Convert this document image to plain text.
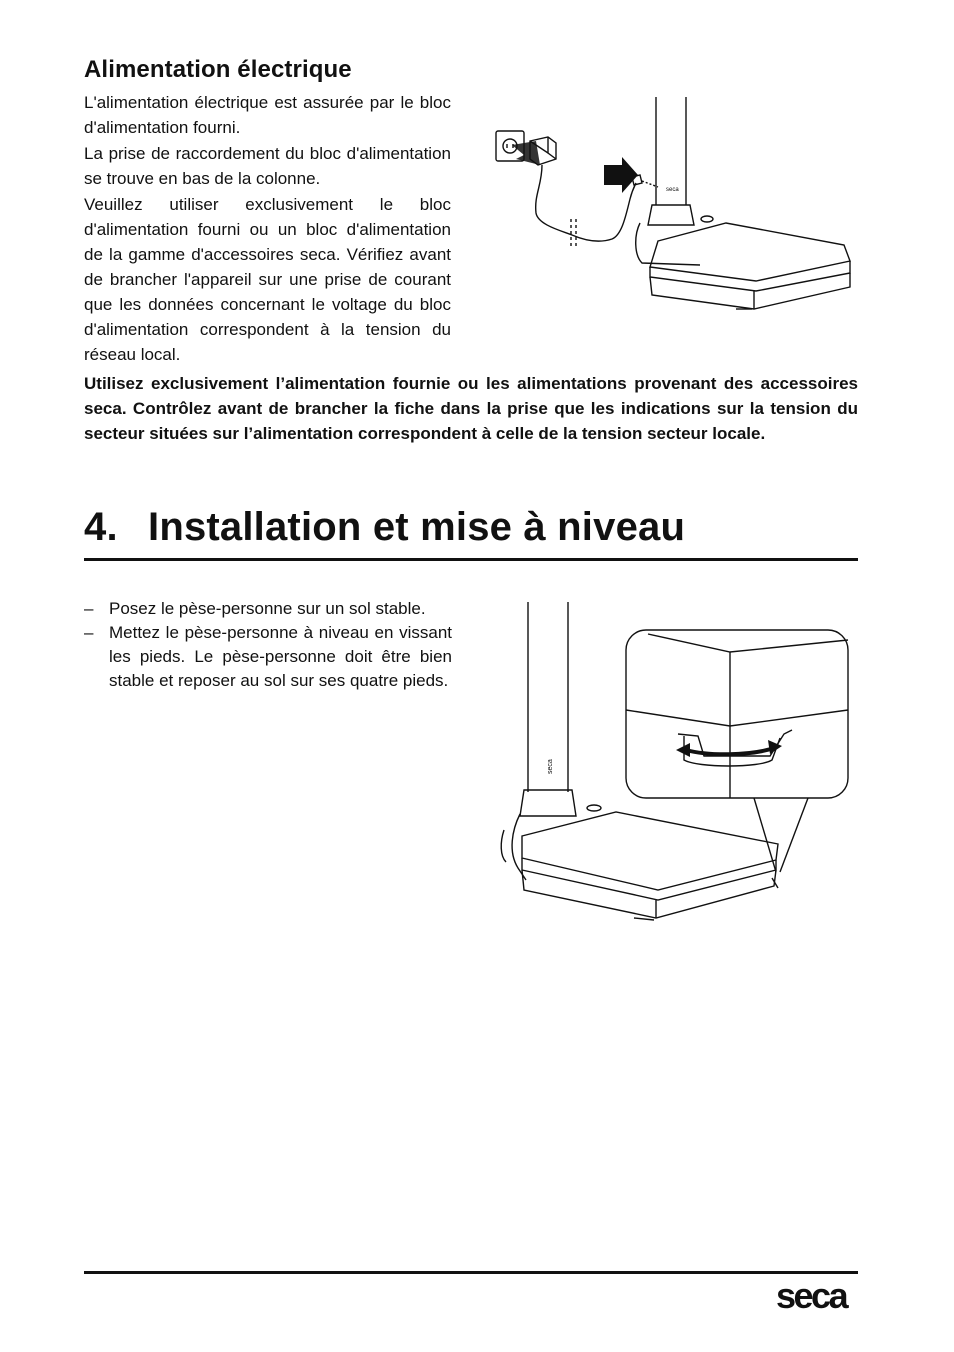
Alimentation électrique

L'alimentation électrique est assurée par le bloc d'alimentation fourni.

La prise de raccordement du bloc d'alimentation se trouve en bas de la colonne.

Veuillez utiliser exclusivement le bloc d'alimentation fourni ou un bloc d'alimentation de la gamme d'accessoires seca. Vérifiez avant de brancher l'appareil sur une prise de courant que les données concernant le voltage du bloc d'alimentation correspondent à la tension du réseau local.

seca

Utilisez exclusivement l’alimentation fournie ou les alimentations provenant des accessoires seca. Contrôlez avant de brancher la fiche dans la prise que les indications sur la tension du secteur situées sur l’alimentation correspondent à celle de la tension secteur locale.

4. Installation et mise à niveau
– Posez le pèse-personne sur un sol stable.
– Mettez le pèse-personne à niveau en vissant les pieds. Le pèse-personne doit être bien stable et reposer au sol sur ses quatre pieds.
seca
seca
